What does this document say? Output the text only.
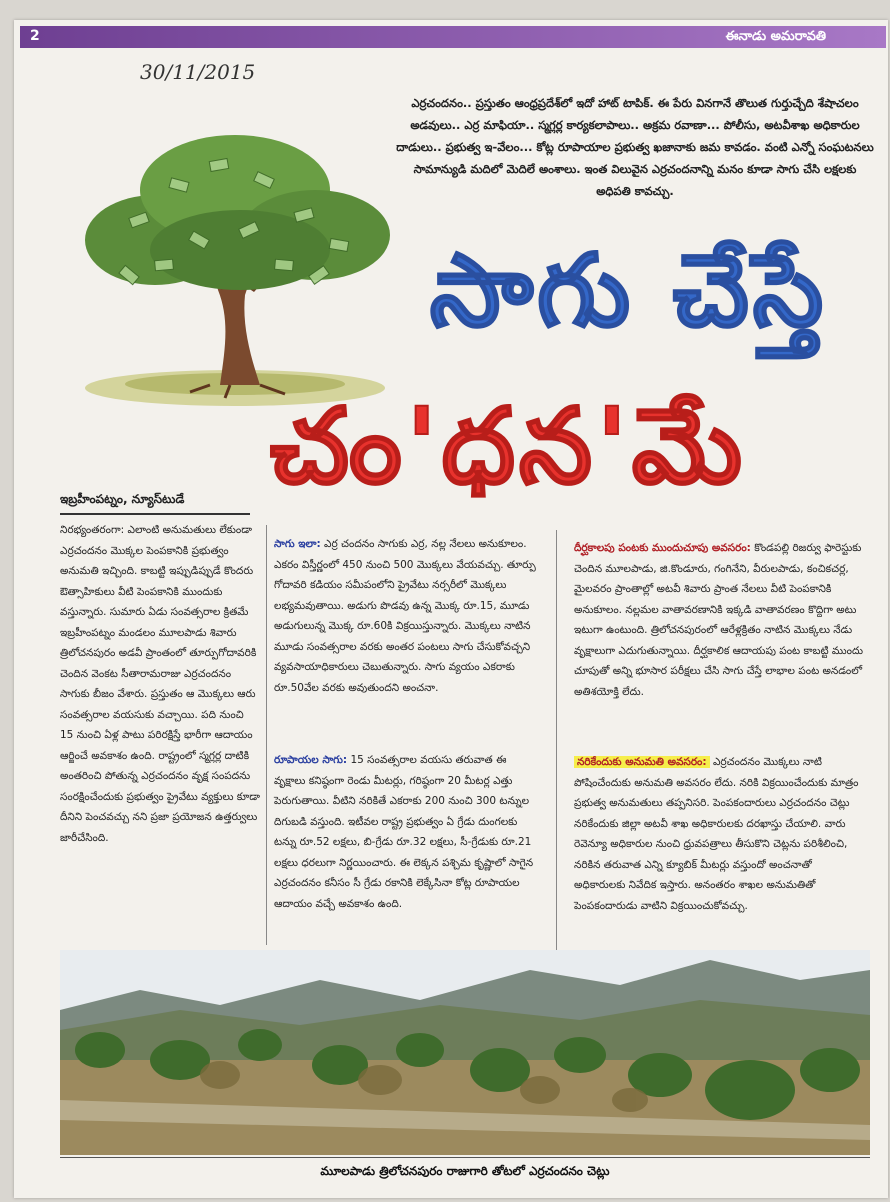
2	ఈనాడు అమరావతి
30/11/2015
ఎర్రచందనం.. ప్రస్తుతం ఆంధ్రప్రదేశ్‌లో ఇదో హాట్ టాపిక్. ఈ పేరు వినగానే తొలుత గుర్తుచ్చేది శేషాచలం అడవులు.. ఎర్ర మాఫియా.. స్మగ్లర్ల కార్యకలాపాలు.. అక్రమ రవాణా... పోలీసు, అటవీశాఖ అధికారుల దాడులు.. ప్రభుత్వ ఇ-వేలం... కోట్ల రూపాయాల ప్రభుత్వ ఖజానాకు జమ కావడం. వంటి ఎన్నో సంఘటనలు సామాన్యుడి మదిలో మెదిలే అంశాలు. ఇంత విలువైన ఎర్రచందనాన్ని మనం కూడా సాగు చేసి లక్షలకు అధిపతి కావచ్చు.
సాగు చేస్తే
చం'ధన'మే
ఇబ్రహీంపట్నం, న్యూస్‌టుడే
నిరభ్యంతరంగా: ఎలాంటి అనుమతులు లేకుండా ఎర్రచందనం మొక్కల పెంపకానికి ప్రభుత్వం అనుమతి ఇచ్చింది. కాబట్టి ఇప్పుడిప్పుడే కొందరు ఔత్సాహికులు వీటి పెంపకానికి ముందుకు వస్తున్నారు. సుమారు ఏడు సంవత్సరాల క్రితమే ఇబ్రహీంపట్నం మండలం మూలపాడు శివారు త్రిలోచనపురం అడవీ ప్రాంతంలో తూర్పుగోదావరికి చెందిన వెంకట సీతారామరాజు ఎర్రచందనం సాగుకు బీజం వేశారు. ప్రస్తుతం ఆ మొక్కలు ఆరు సంవత్సరాల వయసుకు వచ్చాయి. పది నుంచి 15 నుంచి ఏళ్ల పాటు పరిరక్షిస్తే భారీగా ఆదాయం ఆర్జించే అవకాశం ఉంది. రాష్ట్రంలో స్మగ్లర్ల దాటికి అంతరించి పోతున్న ఎర్రచందనం వృక్ష సంపదను సంరక్షించేందుకు ప్రభుత్వం ప్రైవేటు వ్యక్తులు కూడా దీనిని పెంచవచ్చు నని ప్రజా ప్రయోజన ఉత్తర్వులు జారీచేసింది.
సాగు ఇలా: ఎర్ర చందనం సాగుకు ఎర్ర, నల్ల నేలలు అనుకూలం. ఎకరం విస్తీర్ణంలో 450 నుంచి 500 మొక్కలు వేయవచ్చు. తూర్పు గోదావరి కడియం సమీపంలోని ప్రైవేటు నర్సరీలో మొక్కలు లభ్యమవుతాయి. అడుగు పొడవు ఉన్న మొక్క రూ.15, మూడు అడుగులున్న మొక్క రూ.60కి విక్రయిస్తున్నారు. మొక్కలు నాటిన మూడు సంవత్సరాల వరకు అంతర పంటలు సాగు చేసుకోవచ్చని వ్యవసాయాధికారులు చెబుతున్నారు. సాగు వ్యయం ఎకరాకు రూ.50వేల వరకు అవుతుందని అంచనా.
రూపాయల సాగు: 15 సంవత్సరాల వయసు తరువాత ఈ వృక్షాలు కనిష్ఠంగా రెండు మీటర్లు, గరిష్ఠంగా 20 మీటర్ల ఎత్తు పెరుగుతాయి. వీటిని నరికితే ఎకరాకు 200 నుంచి 300 టన్నుల దిగుబడి వస్తుంది. ఇటీవల రాష్ట్ర ప్రభుత్వం ఏ గ్రేడు దుంగలకు టన్ను రూ.52 లక్షలు, బి-గ్రేడు రూ.32 లక్షలు, సీ-గ్రేడుకు రూ.21 లక్షలు ధరలుగా నిర్ణయించారు. ఈ లెక్కన పశ్చిమ కృష్ణాలో సాగైన ఎర్రచందనం కనీసం సీ గ్రేడు రకానికి లెక్కేసినా కోట్ల రూపాయల ఆదాయం వచ్చే అవకాశం ఉంది.
దీర్ఘకాలపు పంటకు ముందుచూపు అవసరం: కొండపల్లి రిజర్వు ఫారెస్టుకు చెందిన మూలపాడు, జి.కొండూరు, గంగినేని, వీరులపాడు, కంచికచర్ల, మైలవరం ప్రాంతాల్లో అటవీ శివారు ప్రాంత నేలలు వీటి పెంపకానికి అనుకూలం. నల్లమల వాతావరణానికి ఇక్కడి వాతావరణం కొద్దిగా అటు ఇటుగా ఉంటుంది. త్రిలోచనపురంలో ఆరేళ్లక్రితం నాటిన మొక్కలు నేడు వృక్షాలుగా ఎదుగుతున్నాయి. దీర్ఘకాలిక ఆదాయపు పంట కాబట్టి ముందు చూపుతో అన్ని భూసార పరీక్షలు చేసి సాగు చేస్తే లాభాల పంట అనడంలో అతిశయోక్తి లేదు.
నరికేందుకు అనుమతి అవసరం: ఎర్రచందనం మొక్కలు నాటి పోషించేందుకు అనుమతి అవసరం లేదు. నరికి విక్రయించేందుకు మాత్రం ప్రభుత్వ అనుమతులు తప్పనిసరి. పెంపకందారులు ఎర్రచందనం చెట్లు నరికేందుకు జిల్లా అటవీ శాఖ అధికారులకు దరఖాస్తు చేయాలి. వారు రెవెన్యూ అధికారుల నుంచి ధ్రువపత్రాలు తీసుకొని చెట్లను పరిశీలించి, నరికిన తరువాత ఎన్ని క్యూబిక్ మీటర్లు వస్తుందో అంచనాతో అధికారులకు నివేదిక ఇస్తారు. అనంతరం శాఖల అనుమతితో పెంపకందారుడు వాటిని విక్రయించుకోవచ్చు.
మూలపాడు త్రిలోచనపురం రాజుగారి తోటలో ఎర్రచందనం చెట్లు
